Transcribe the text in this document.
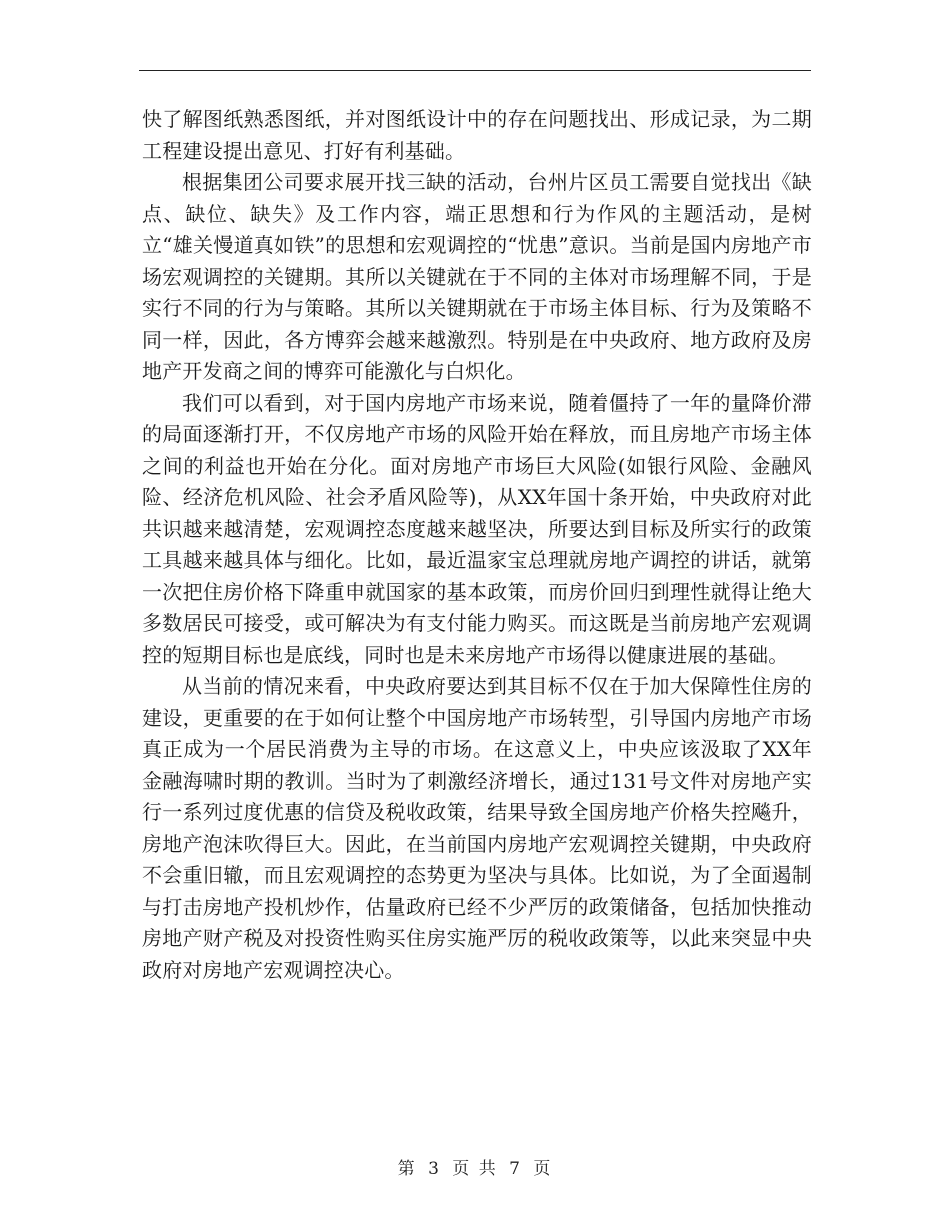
快了解图纸熟悉图纸，并对图纸设计中的存在问题找出、形成记录，为二期工程建设提出意见、打好有利基础。

根据集团公司要求展开找三缺的活动，台州片区员工需要自觉找出《缺点、缺位、缺失》及工作内容，端正思想和行为作风的主题活动，是树立“雄关慢道真如铁”的思想和宏观调控的“忧患”意识。当前是国内房地产市场宏观调控的关键期。其所以关键就在于不同的主体对市场理解不同，于是实行不同的行为与策略。其所以关键期就在于市场主体目标、行为及策略不同一样，因此，各方博弈会越来越激烈。特别是在中央政府、地方政府及房地产开发商之间的博弈可能激化与白炽化。

我们可以看到，对于国内房地产市场来说，随着僵持了一年的量降价滞的局面逐渐打开，不仅房地产市场的风险开始在释放，而且房地产市场主体之间的利益也开始在分化。面对房地产市场巨大风险(如银行风险、金融风险、经济危机风险、社会矛盾风险等)，从XX年国十条开始，中央政府对此共识越来越清楚，宏观调控态度越来越坚决，所要达到目标及所实行的政策工具越来越具体与细化。比如，最近温家宝总理就房地产调控的讲话，就第一次把住房价格下降重申就国家的基本政策，而房价回归到理性就得让绝大多数居民可接受，或可解决为有支付能力购买。而这既是当前房地产宏观调控的短期目标也是底线，同时也是未来房地产市场得以健康进展的基础。

从当前的情况来看，中央政府要达到其目标不仅在于加大保障性住房的建设，更重要的在于如何让整个中国房地产市场转型，引导国内房地产市场真正成为一个居民消费为主导的市场。在这意义上，中央应该汲取了XX年金融海啸时期的教训。当时为了刺激经济增长，通过131号文件对房地产实行一系列过度优惠的信贷及税收政策，结果导致全国房地产价格失控飚升，房地产泡沫吹得巨大。因此，在当前国内房地产宏观调控关键期，中央政府不会重旧辙，而且宏观调控的态势更为坚决与具体。比如说，为了全面遏制与打击房地产投机炒作，估量政府已经不少严厉的政策储备，包括加快推动房地产财产税及对投资性购买住房实施严厉的税收政策等，以此来突显中央政府对房地产宏观调控决心。

第 3 页 共 7 页
